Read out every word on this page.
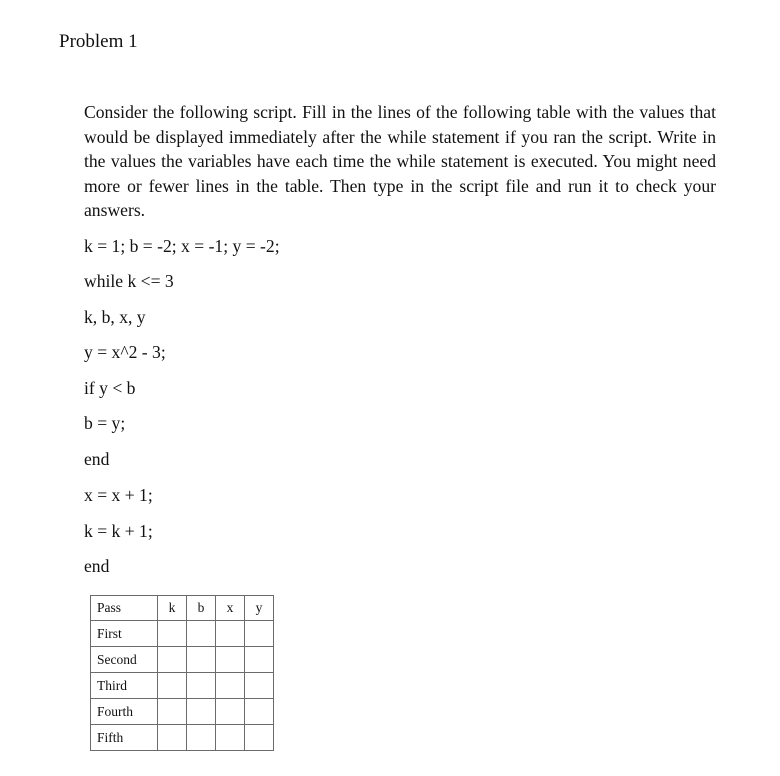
Problem 1

Consider the following script. Fill in the lines of the following table with the values that would be displayed immediately after the while statement if you ran the script. Write in the values the variables have each time the while statement is executed. You might need more or fewer lines in the table. Then type in the script file and run it to check your answers.

k = 1; b = -2; x = -1; y = -2;
while k <= 3
k, b, x, y
y = x^2 - 3;
if y < b
b = y;
end
x = x + 1;
k = k + 1;
end
Pass	k	b	x	y
First				
Second				
Third				
Fourth				
Fifth				
